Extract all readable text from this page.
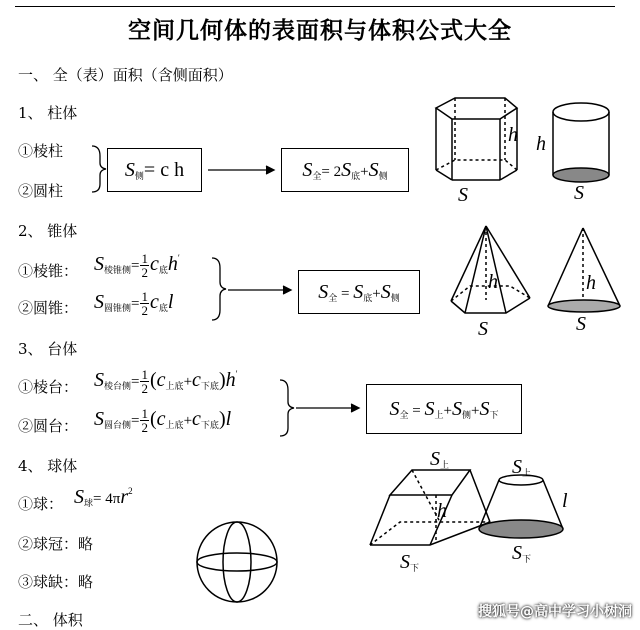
空间几何体的表面积与体积公式大全
一、 全（表）面积（含侧面积）
1、 柱体
①棱柱
②圆柱
S侧= c h	S全= 2S底+S侧
2、 锥体
①棱锥：
②圆锥：
S棱锥侧= $\frac{1}{2}$ c底h′
S圆锥侧= $\frac{1}{2}$ c底l	S全 = S底+S侧
3、 台体
①棱台：
②圆台：
S棱台侧= $\frac{1}{2} (c$上底+c下底)h′
S圆台侧= $\frac{1}{2} (c$上底+c下底)l	S全 = S上+S侧+S下
4、 球体
①球： S球= $4\pi r^2$
②球冠：略
③球缺：略
二、 体积
h
S
h
S
h
S
h
S
S上
h
S下
S上
l
S下
搜狐号@高中学习小树洞
